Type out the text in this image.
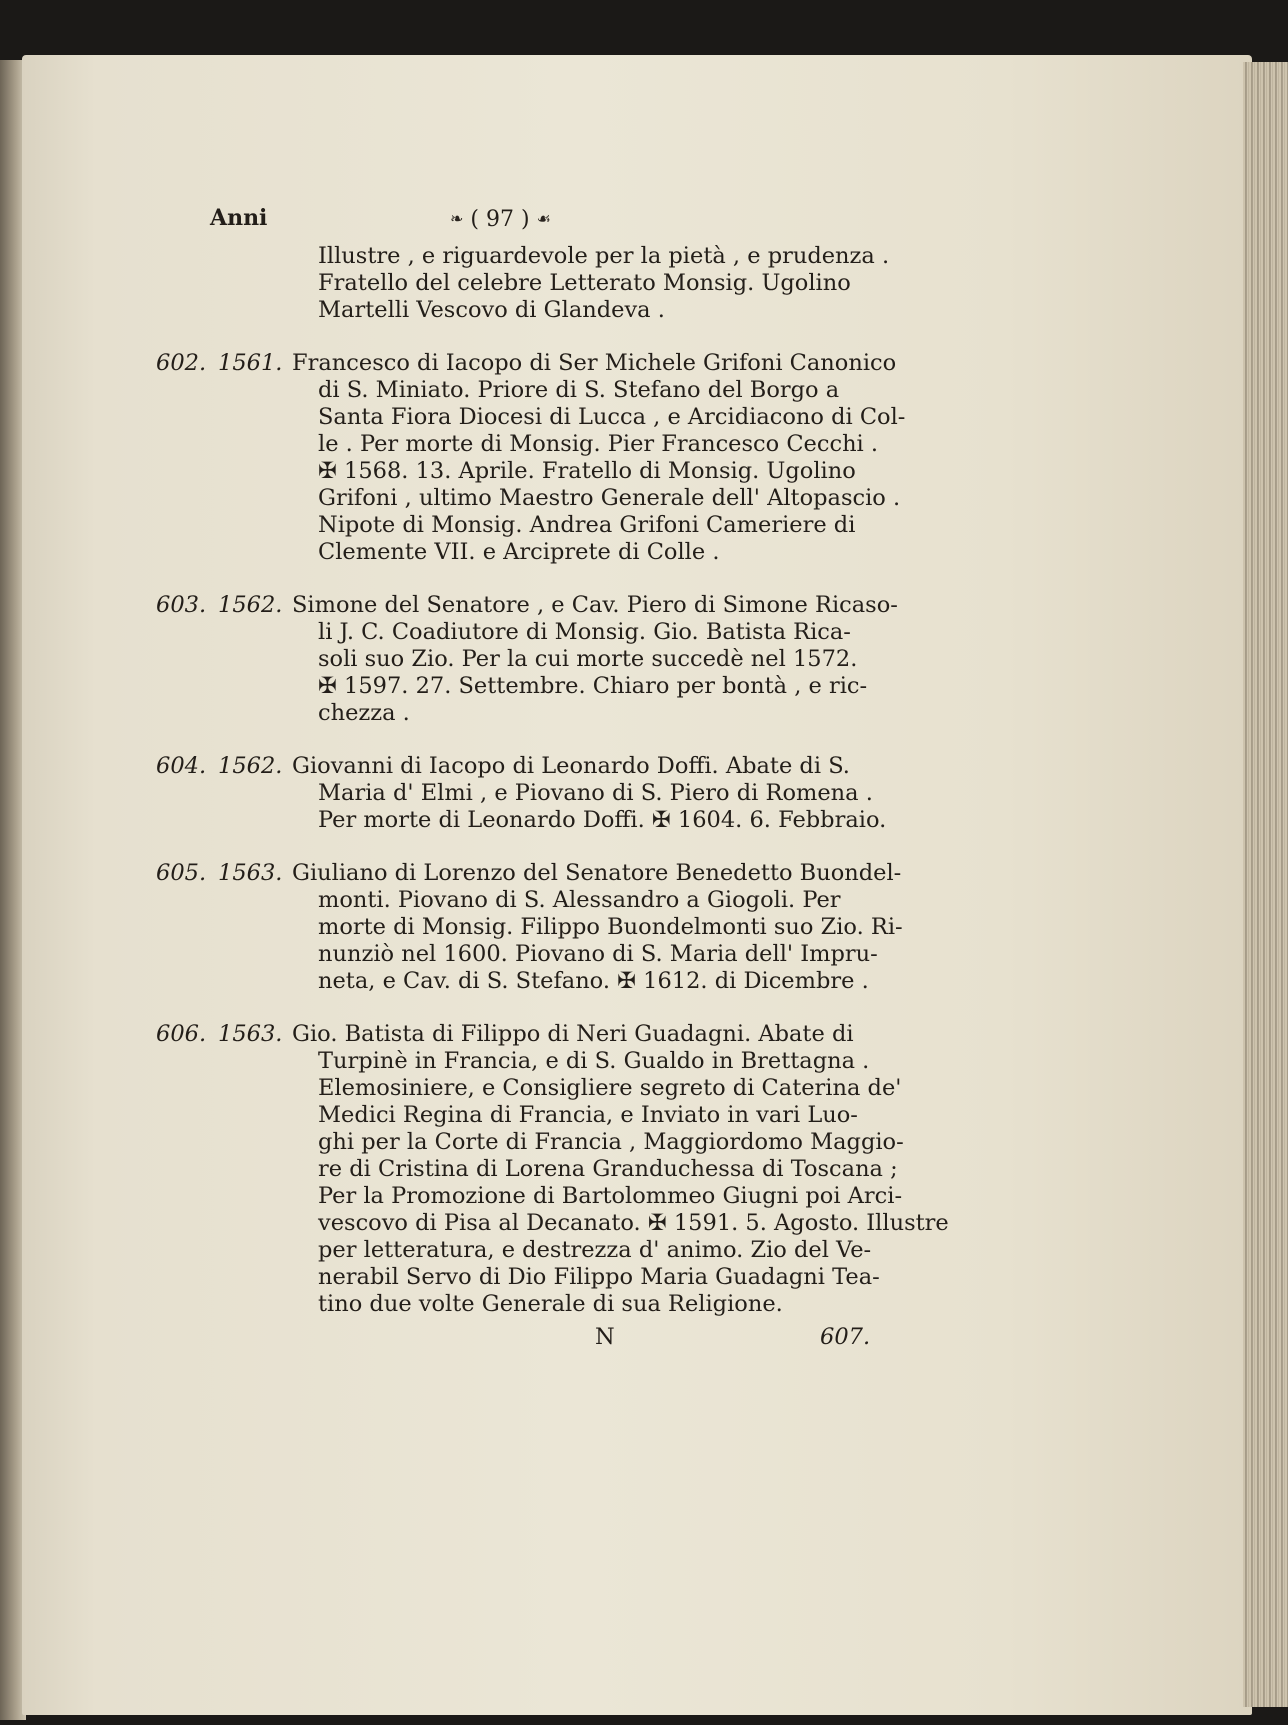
Anni	❧ ( 97 ) ☙
Illustre , e riguardevole per la pietà , e prudenza .
Fratello del celebre Letterato Monsig. Ugolino
Martelli Vescovo di Glandeva .
602. 1561. Francesco di Iacopo di Ser Michele Grifoni Canonico
di S. Miniato. Priore di S. Stefano del Borgo a
Santa Fiora Diocesi di Lucca , e Arcidiacono di Col-
le . Per morte di Monsig. Pier Francesco Cecchi .
✠ 1568. 13. Aprile. Fratello di Monsig. Ugolino
Grifoni , ultimo Maestro Generale dell' Altopascio .
Nipote di Monsig. Andrea Grifoni Cameriere di
Clemente VII. e Arciprete di Colle .
603. 1562. Simone del Senatore , e Cav. Piero di Simone Ricaso-
li J. C. Coadiutore di Monsig. Gio. Batista Rica-
soli suo Zio. Per la cui morte succedè nel 1572.
✠ 1597. 27. Settembre. Chiaro per bontà , e ric-
chezza .
604. 1562. Giovanni di Iacopo di Leonardo Doffi. Abate di S.
Maria d' Elmi , e Piovano di S. Piero di Romena .
Per morte di Leonardo Doffi. ✠ 1604. 6. Febbraio.
605. 1563. Giuliano di Lorenzo del Senatore Benedetto Buondel-
monti. Piovano di S. Alessandro a Giogoli. Per
morte di Monsig. Filippo Buondelmonti suo Zio. Ri-
nunziò nel 1600. Piovano di S. Maria dell' Impru-
neta, e Cav. di S. Stefano. ✠ 1612. di Dicembre .
606. 1563. Gio. Batista di Filippo di Neri Guadagni. Abate di
Turpinè in Francia, e di S. Gualdo in Brettagna .
Elemosiniere, e Consigliere segreto di Caterina de'
Medici Regina di Francia, e Inviato in vari Luo-
ghi per la Corte di Francia , Maggiordomo Maggio-
re di Cristina di Lorena Granduchessa di Toscana ;
Per la Promozione di Bartolommeo Giugni poi Arci-
vescovo di Pisa al Decanato. ✠ 1591. 5. Agosto. Illustre
per letteratura, e destrezza d' animo. Zio del Ve-
nerabil Servo di Dio Filippo Maria Guadagni Tea-
tino due volte Generale di sua Religione.
N	607.
